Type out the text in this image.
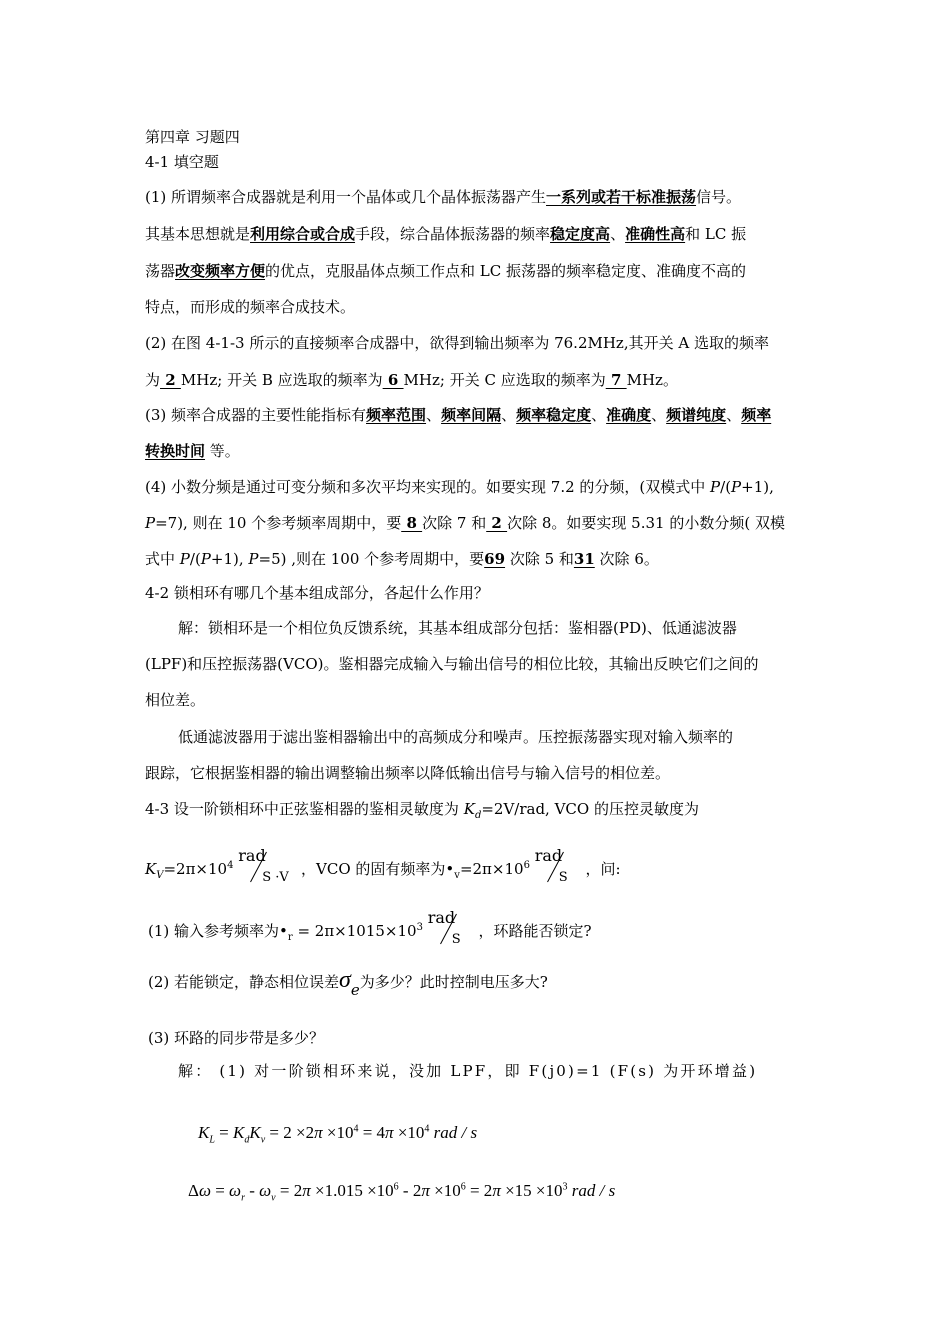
第四章 习题四
4-1 填空题
(1) 所谓频率合成器就是利用一个晶体或几个晶体振荡器产生一系列或若干标准振荡信号。
其基本思想就是利用综合或合成手段，综合晶体振荡器的频率稳定度高、准确性高和 LC 振
荡器改变频率方便的优点，克服晶体点频工作点和 LC 振荡器的频率稳定度、准确度不高的
特点，而形成的频率合成技术。
(2) 在图 4-1-3 所示的直接频率合成器中，欲得到输出频率为 76.2MHz,其开关 A 选取的频率
为 2 MHz; 开关 B 应选取的频率为 6 MHz; 开关 C 应选取的频率为 7 MHz。
(3) 频率合成器的主要性能指标有频率范围、频率间隔、频率稳定度、准确度、频谱纯度、频率
转换时间 等。
(4) 小数分频是通过可变分频和多次平均来实现的。如要实现 7.2 的分频，(双模式中 P/(P+1),
P=7), 则在 10 个参考频率周期中，要 8 次除 7 和 2 次除 8。如要实现 5.31 的小数分频( 双模
式中 P/(P+1), P=5) ,则在 100 个参考周期中，要69 次除 5 和31 次除 6。
4-2 锁相环有哪几个基本组成部分，各起什么作用？
解：锁相环是一个相位负反馈系统，其基本组成部分包括：鉴相器(PD)、低通滤波器
(LPF)和压控振荡器(VCO)。鉴相器完成输入与输出信号的相位比较，其输出反映它们之间的
相位差。
低通滤波器用于滤出鉴相器输出中的高频成分和噪声。压控振荡器实现对输入频率的
跟踪，它根据鉴相器的输出调整输出频率以降低输出信号与输入信号的相位差。
4-3 设一阶锁相环中正弦鉴相器的鉴相灵敏度为 $K_d=2V$/rad, VCO 的压控灵敏度为
$K_V=2\pi\times 10^4$
rad
S ·V ，VCO 的固有频率为$•_v=2\pi\times 10^6$
rad
S ，问:
(1) 输入参考频率为$•_r = 2\pi\times 1015\times 10^3$
rad
S ，环路能否锁定?
(2) 若能锁定，静态相位误差$\sigma_e$为多少？此时控制电压多大?
(3) 环路的同步带是多少？
解： (1) 对一阶锁相环来说，没加 LPF，即 F(j0)=1 (F(s) 为开环增益)
$K_L = K_dK_v = 2 \times 2\pi \times 10^4 = 4\pi \times 10^4$ rad / s
$\Delta\omega = \omega_r - \omega_v = 2\pi \times 1.015 \times 10^6 - 2\pi \times 10^6 = 2\pi \times 15 \times 10^3$ rad / s
